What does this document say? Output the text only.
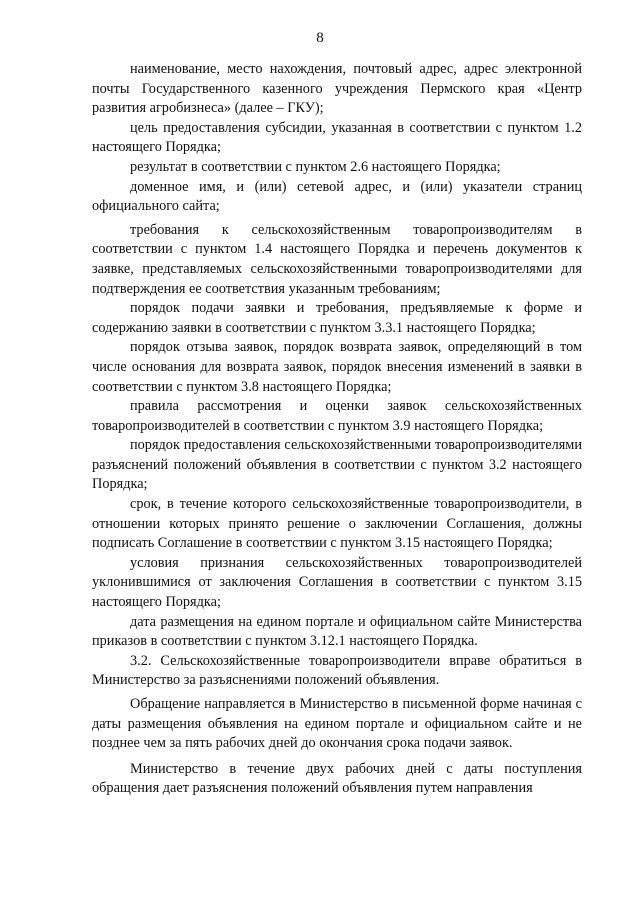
8

наименование, место нахождения, почтовый адрес, адрес электронной почты Государственного казенного учреждения Пермского края «Центр развития агробизнеса» (далее – ГКУ);

цель предоставления субсидии, указанная в соответствии с пунктом 1.2 настоящего Порядка;

результат в соответствии с пунктом 2.6 настоящего Порядка;

доменное имя, и (или) сетевой адрес, и (или) указатели страниц официального сайта;

требования к сельскохозяйственным товаропроизводителям в соответствии с пунктом 1.4 настоящего Порядка и перечень документов к заявке, представляемых сельскохозяйственными товаропроизводителями для подтверждения ее соответствия указанным требованиям;

порядок подачи заявки и требования, предъявляемые к форме и содержанию заявки в соответствии с пунктом 3.3.1 настоящего Порядка;

порядок отзыва заявок, порядок возврата заявок, определяющий в том числе основания для возврата заявок, порядок внесения изменений в заявки в соответствии с пунктом 3.8 настоящего Порядка;

правила рассмотрения и оценки заявок сельскохозяйственных товаропроизводителей в соответствии с пунктом 3.9 настоящего Порядка;

порядок предоставления сельскохозяйственными товаропроизводителями разъяснений положений объявления в соответствии с пунктом 3.2 настоящего Порядка;

срок, в течение которого сельскохозяйственные товаропроизводители, в отношении которых принято решение о заключении Соглашения, должны подписать Соглашение в соответствии с пунктом 3.15 настоящего Порядка;

условия признания сельскохозяйственных товаропроизводителей уклонившимися от заключения Соглашения в соответствии с пунктом 3.15 настоящего Порядка;

дата размещения на едином портале и официальном сайте Министерства приказов в соответствии с пунктом 3.12.1 настоящего Порядка.

3.2. Сельскохозяйственные товаропроизводители вправе обратиться в Министерство за разъяснениями положений объявления.

Обращение направляется в Министерство в письменной форме начиная с даты размещения объявления на едином портале и официальном сайте и не позднее чем за пять рабочих дней до окончания срока подачи заявок.

Министерство в течение двух рабочих дней с даты поступления обращения дает разъяснения положений объявления путем направления
